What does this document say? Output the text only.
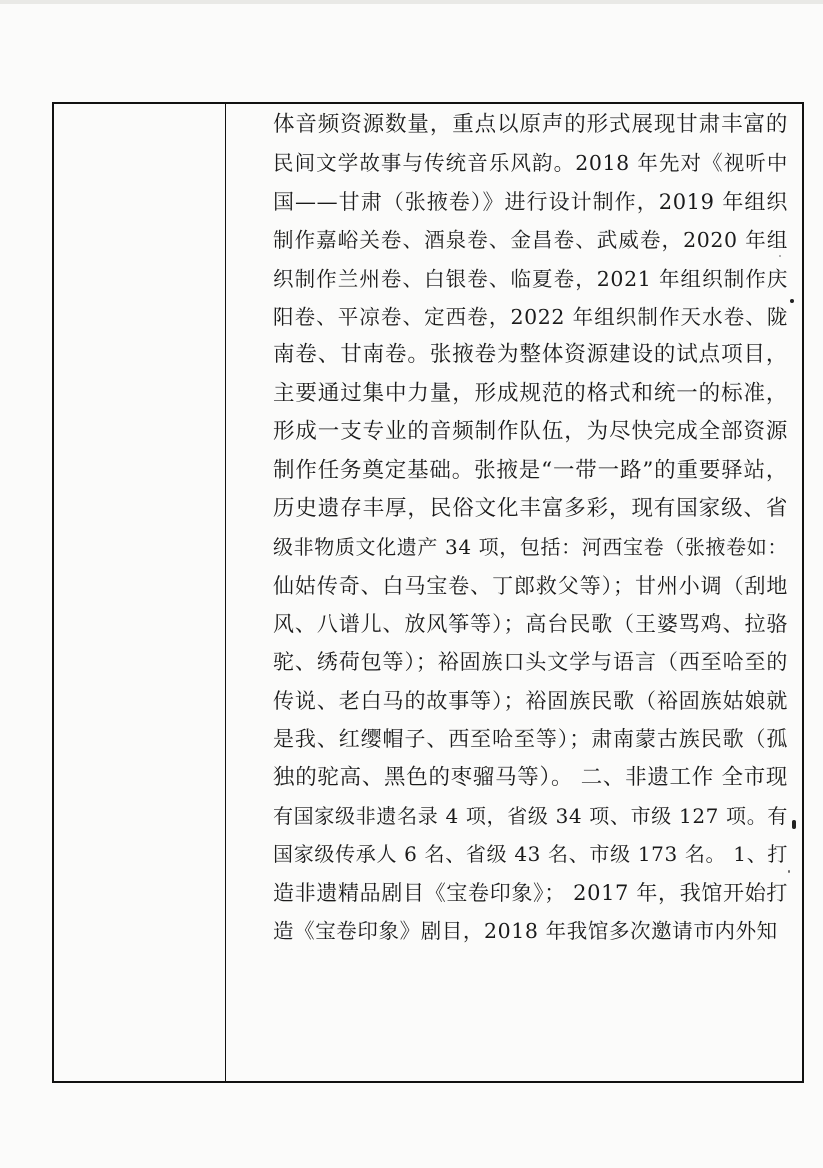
体音频资源数量，重点以原声的形式展现甘肃丰富的
民间文学故事与传统音乐风韵。2018 年先对《视听中
国——甘肃（张掖卷）》进行设计制作，2019 年组织
制作嘉峪关卷、酒泉卷、金昌卷、武威卷，2020 年组
织制作兰州卷、白银卷、临夏卷，2021 年组织制作庆
阳卷、平凉卷、定西卷，2022 年组织制作天水卷、陇
南卷、甘南卷。张掖卷为整体资源建设的试点项目，
主要通过集中力量，形成规范的格式和统一的标准，
形成一支专业的音频制作队伍，为尽快完成全部资源
制作任务奠定基础。张掖是“一带一路”的重要驿站，
历史遗存丰厚，民俗文化丰富多彩，现有国家级、省
级非物质文化遗产 34 项，包括：河西宝卷（张掖卷如：
仙姑传奇、白马宝卷、丁郎救父等）；甘州小调（刮地
风、八谱儿、放风筝等）；高台民歌（王婆骂鸡、拉骆
驼、绣荷包等）；裕固族口头文学与语言（西至哈至的
传说、老白马的故事等）；裕固族民歌（裕固族姑娘就
是我、红缨帽子、西至哈至等）；肃南蒙古族民歌（孤
独的驼高、黑色的枣骝马等）。 二、非遗工作 全市现
有国家级非遗名录 4 项，省级 34 项、市级 127 项。有
国家级传承人 6 名、省级 43 名、市级 173 名。 1、打
造非遗精品剧目《宝卷印象》； 2017 年，我馆开始打
造《宝卷印象》剧目，2018 年我馆多次邀请市内外知
